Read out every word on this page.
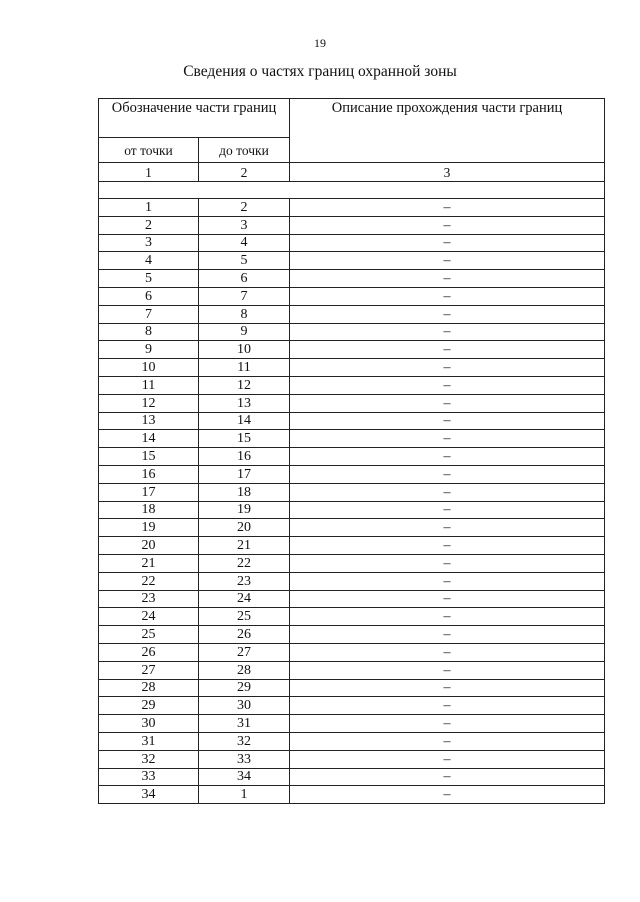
19
Сведения о частях границ охранной зоны
Обозначение части границ		Описание прохождения части границ
от точки	до точки	
1	2	3

1	2	–
2	3	–
3	4	–
4	5	–
5	6	–
6	7	–
7	8	–
8	9	–
9	10	–
10	11	–
11	12	–
12	13	–
13	14	–
14	15	–
15	16	–
16	17	–
17	18	–
18	19	–
19	20	–
20	21	–
21	22	–
22	23	–
23	24	–
24	25	–
25	26	–
26	27	–
27	28	–
28	29	–
29	30	–
30	31	–
31	32	–
32	33	–
33	34	–
34	1	–
